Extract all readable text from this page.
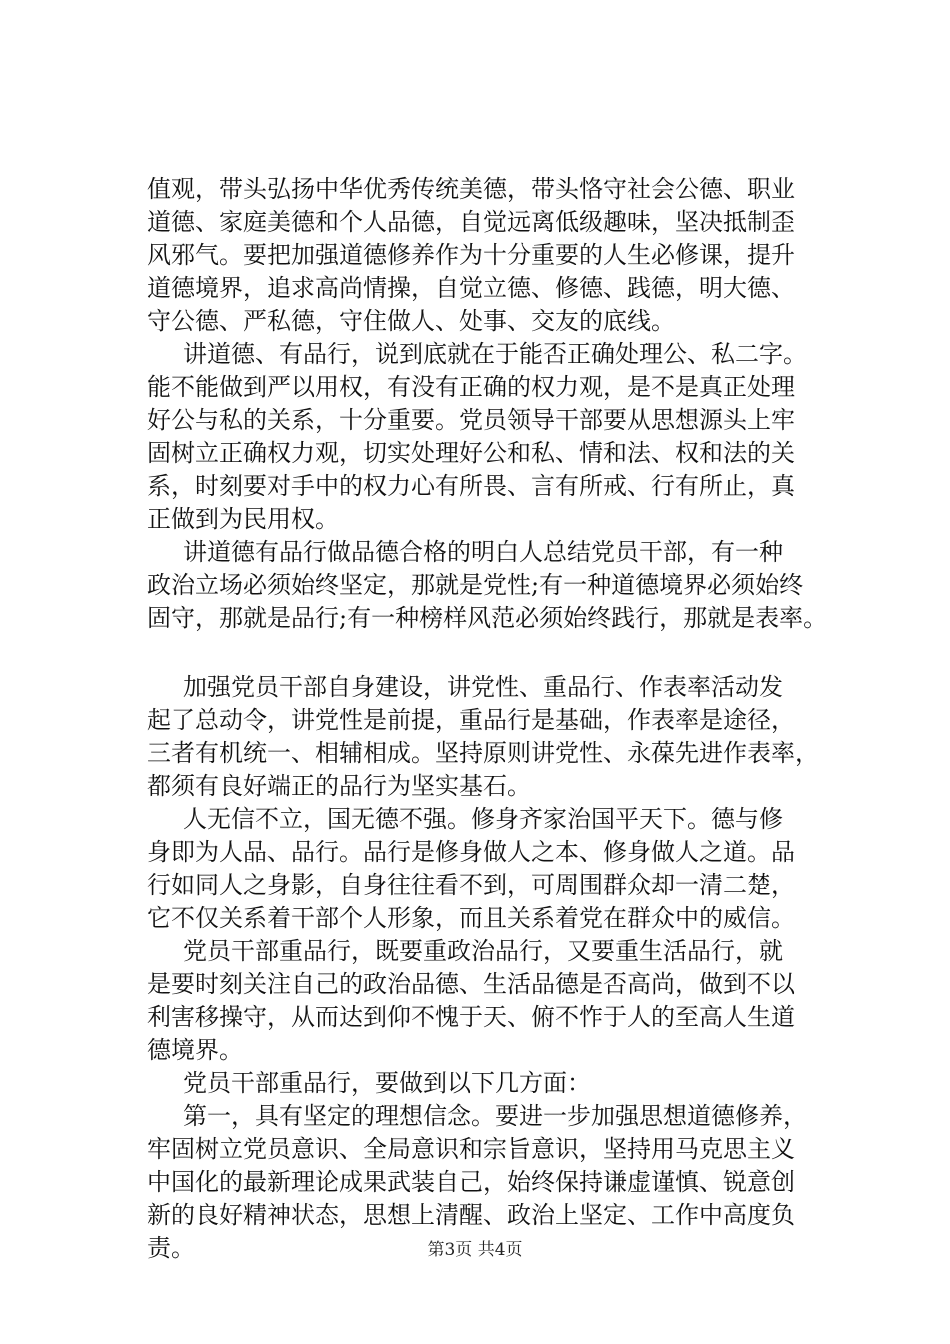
值观，带头弘扬中华优秀传统美德，带头恪守社会公德、职业
道德、家庭美德和个人品德，自觉远离低级趣味，坚决抵制歪
风邪气。要把加强道德修养作为十分重要的人生必修课，提升
道德境界，追求高尚情操，自觉立德、修德、践德，明大德、
守公德、严私德，守住做人、处事、交友的底线。
讲道德、有品行，说到底就在于能否正确处理公、私二字。
能不能做到严以用权，有没有正确的权力观，是不是真正处理
好公与私的关系，十分重要。党员领导干部要从思想源头上牢
固树立正确权力观，切实处理好公和私、情和法、权和法的关
系，时刻要对手中的权力心有所畏、言有所戒、行有所止，真
正做到为民用权。
讲道德有品行做品德合格的明白人总结党员干部，有一种
政治立场必须始终坚定，那就是党性;有一种道德境界必须始终
固守，那就是品行;有一种榜样风范必须始终践行，那就是表率。
加强党员干部自身建设，讲党性、重品行、作表率活动发
起了总动令，讲党性是前提，重品行是基础，作表率是途径，
三者有机统一、相辅相成。坚持原则讲党性、永葆先进作表率，
都须有良好端正的品行为坚实基石。
人无信不立，国无德不强。修身齐家治国平天下。德与修
身即为人品、品行。品行是修身做人之本、修身做人之道。品
行如同人之身影，自身往往看不到，可周围群众却一清二楚，
它不仅关系着干部个人形象，而且关系着党在群众中的威信。
党员干部重品行，既要重政治品行，又要重生活品行，就
是要时刻关注自己的政治品德、生活品德是否高尚，做到不以
利害移操守，从而达到仰不愧于天、俯不怍于人的至高人生道
德境界。
党员干部重品行，要做到以下几方面：
第一，具有坚定的理想信念。要进一步加强思想道德修养，
牢固树立党员意识、全局意识和宗旨意识，坚持用马克思主义
中国化的最新理论成果武装自己，始终保持谦虚谨慎、锐意创
新的良好精神状态，思想上清醒、政治上坚定、工作中高度负
责。	第3页 共4页
